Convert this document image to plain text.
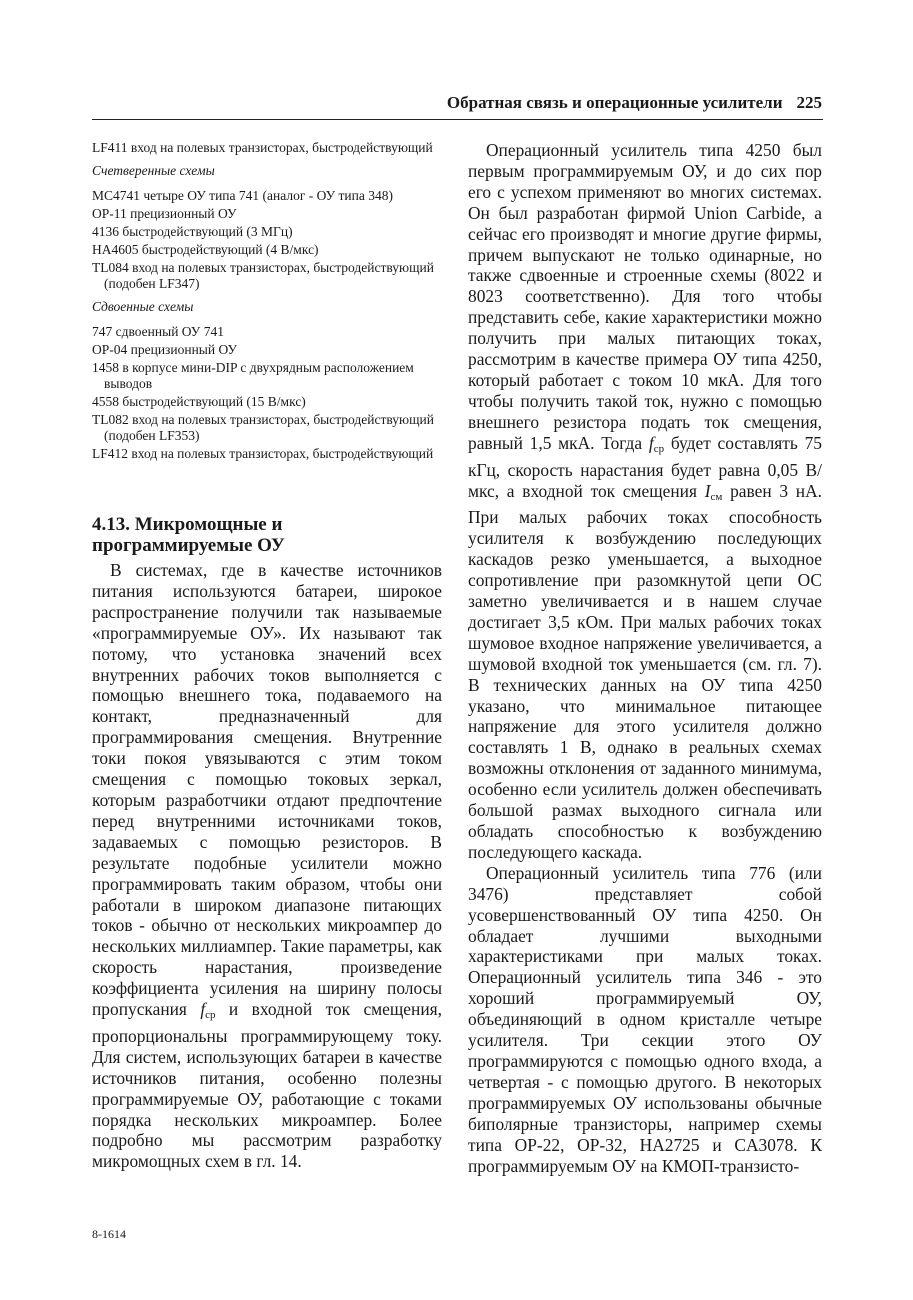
Обратная связь и операционные усилители 225

LF411 вход на полевых транзисторах, быстродействующий

Счетверенные схемы

MC4741 четыре ОУ типа 741 (аналог - ОУ типа 348)

OP-11 прецизионный ОУ

4136 быстродействующий (3 МГц)

HA4605 быстродействующий (4 В/мкс)

TL084 вход на полевых транзисторах, быстродействующий (подобен LF347)

Сдвоенные схемы

747 сдвоенный ОУ 741

OP-04 прецизионный ОУ

1458 в корпусе мини-DIP с двухрядным расположением выводов

4558 быстродействующий (15 В/мкс)

TL082 вход на полевых транзисторах, быстродействующий (подобен LF353)

LF412 вход на полевых транзисторах, быстродействующий

4.13. Микромощные и программируемые ОУ

В системах, где в качестве источников питания используются батареи, широкое распространение получили так называемые «программируемые ОУ». Их называют так потому, что установка значений всех внутренних рабочих токов выполняется с помощью внешнего тока, подаваемого на контакт, предназначенный для программирования смещения. Внутренние токи покоя увязываются с этим током смещения с помощью токовых зеркал, которым разработчики отдают предпочтение перед внутренними источниками токов, задаваемых с помощью резисторов. В результате подобные усилители можно программировать таким образом, чтобы они работали в широком диапазоне питающих токов - обычно от нескольких микроампер до нескольких миллиампер. Такие параметры, как скорость нарастания, произведение коэффициента усиления на ширину полосы пропускания $f_{ср}$ и входной ток смещения, пропорциональны программирующему току. Для систем, использующих батареи в качестве источников питания, особенно полезны программируемые ОУ, работающие с токами порядка нескольких микроампер. Более подробно мы рассмотрим разработку микромощных схем в гл. 14.

Операционный усилитель типа 4250 был первым программируемым ОУ, и до сих пор его с успехом применяют во многих системах. Он был разработан фирмой Union Carbide, а сейчас его производят и многие другие фирмы, причем выпускают не только одинарные, но также сдвоенные и строенные схемы (8022 и 8023 соответственно). Для того чтобы представить себе, какие характеристики можно получить при малых питающих токах, рассмотрим в качестве примера ОУ типа 4250, который работает с током 10 мкА. Для того чтобы получить такой ток, нужно с помощью внешнего резистора подать ток смещения, равный 1,5 мкА. Тогда $f_{ср}$ будет составлять 75 кГц, скорость нарастания будет равна 0,05 В/мкс, а входной ток смещения $I_{см}$ равен 3 нА. При малых рабочих токах способность усилителя к возбуждению последующих каскадов резко уменьшается, а выходное сопротивление при разомкнутой цепи ОС заметно увеличивается и в нашем случае достигает 3,5 кОм. При малых рабочих токах шумовое входное напряжение увеличивается, а шумовой входной ток уменьшается (см. гл. 7). В технических данных на ОУ типа 4250 указано, что минимальное питающее напряжение для этого усилителя должно составлять 1 В, однако в реальных схемах возможны отклонения от заданного минимума, особенно если усилитель должен обеспечивать большой размах выходного сигнала или обладать способностью к возбуждению последующего каскада.

Операционный усилитель типа 776 (или 3476) представляет собой усовершенствованный ОУ типа 4250. Он обладает лучшими выходными характеристиками при малых токах. Операционный усилитель типа 346 - это хороший программируемый ОУ, объединяющий в одном кристалле четыре усилителя. Три секции этого ОУ программируются с помощью одного входа, а четвертая - с помощью другого. В некоторых программируемых ОУ использованы обычные биполярные транзисторы, например схемы типа OP-22, OP-32, HA2725 и CA3078. К программируемым ОУ на КМОП-транзисто-

8-1614
